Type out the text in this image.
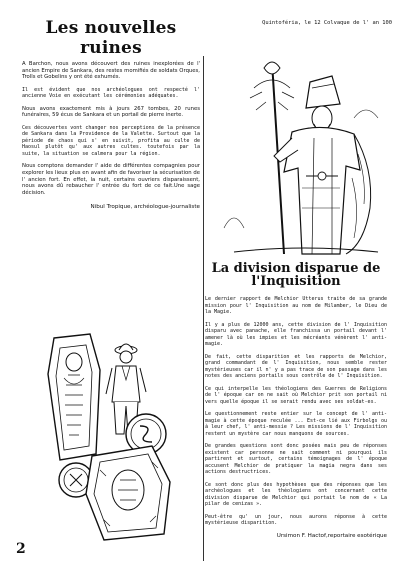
Les nouvelles ruines

A Barchon, nous avons découvert des ruines inexplorées de l' ancien Empire de Sankara, des restes momifiés de soldats Orques, Trolls et Gobelins y ont été exhumés.

Il est évident que nos archéologues ont respecté l' ancienne Voie en exécutant les cérémonies adéquates.

Nous avons exactement mis à jours 267 tombes, 20 runes funéraires, 59 écus de Sankara et un portail de pierre inerte.

Ces découvertes vont changer nos perceptions de la présence de Sankara dans la Providence de la Valette. Surtout que la période de chaos qui s' en suivit, profita au culte de Haosul plutôt qu' aux autres cultes. toutefois par la suite, la situation se calmera pour la région.

Nous comptons demander l' aide de différentes compagnies pour explorer les lieux plus en avant afin de favoriser la sécurisation de l' ancien fort. En effet, la nuit, certains ouvriers disparaissent, nous avons dû rebaucher l' entrée du fort de ce fait.Une sage décision.

Nibul Tropique, archéologue-journaliste
Quintoféria, le 12 Colvaque de l' an 100
La division disparue de
l'Inquisition

Le dernier rapport de Melchior Utterus traite de sa grande mission pour l' Inquisition au nom de Milamber, le Dieu de la Magie.

Il y a plus de 12000 ans, cette division de l' Inquisition disparu avec panache, elle franchissa un portail devant l' amener là où les impies et les mécréants vénèrent l' anti-magie.

De fait, cette disparition et les rapports de Melchior, grand commandant de l' Inquisition, nous semble rester mystérieuses car il n' y a pas trace de son passage dans les notes des anciens portails sous contrôle de l' Inquisition.

Ce qui interpelle les théologiens des Guerres de Religions de l' époque car on ne sait où Melchior prit son portail ni vers quelle époque il se serait rendu avec ses soldat-es.

Le questionnement reste entier sur le concept de l' anti-magie à cette époque reculée ... Est-ce lié aux Firbolgs ou à leur chef, l' anti-messie ? Les missions de l' Inquisition restent un mystère car nous manquons de sources.

De grandes questions sont donc posées mais peu de réponses existent car personne ne sait comment ni pourquoi ils partirent et surtout, certains témoignages de l' époque accusent Melchior de pratiquer la magia negra dans ses actions destructrices.

Ce sont donc plus des hypothèses que des réponses que les archéologues et les théologiens ont concernant cette division disparue de Melchior qui portait le nom de « La pilar de cenizas ».

Peut-être qu' un jour, nous aurons réponse à cette mystérieuse disparition.

Ursimon F. Hactof,reportaire esotérique
2
